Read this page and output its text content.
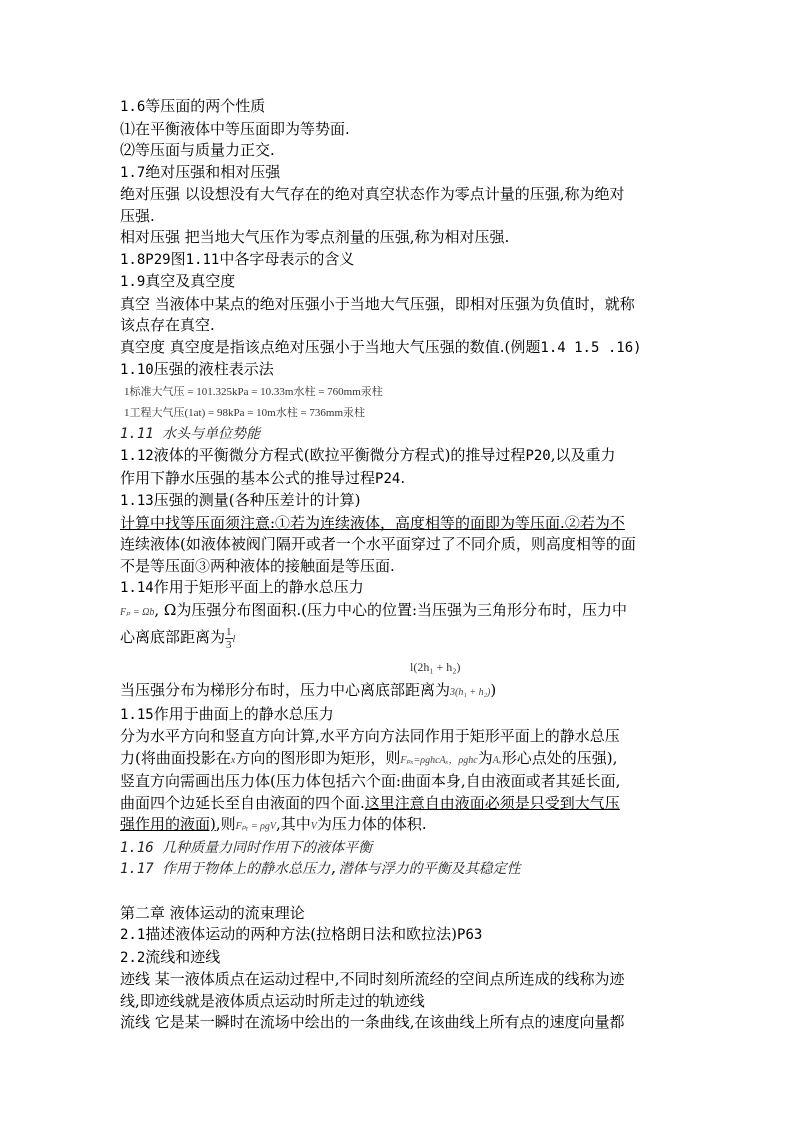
1.6等压面的两个性质
⑴在平衡液体中等压面即为等势面.
⑵等压面与质量力正交.
1.7绝对压强和相对压强
绝对压强 以设想没有大气存在的绝对真空状态作为零点计量的压强,称为绝对
压强.
相对压强 把当地大气压作为零点剂量的压强,称为相对压强.
1.8P29图1.11中各字母表示的含义
1.9真空及真空度
真空 当液体中某点的绝对压强小于当地大气压强，即相对压强为负值时，就称
该点存在真空.
真空度 真空度是指该点绝对压强小于当地大气压强的数值.(例题1.4 1.5 .16)
1.10压强的液柱表示法
1标准大气压 = 101.325kPa = 10.33m水柱 = 760mm汞柱
1工程大气压(1at) = 98kPa = 10m水柱 = 736mm汞柱
1.11 水头与单位势能
1.12液体的平衡微分方程式(欧拉平衡微分方程式)的推导过程P20,以及重力
作用下静水压强的基本公式的推导过程P24.
1.13压强的测量(各种压差计的计算)
计算中找等压面须注意:①若为连续液体，高度相等的面即为等压面.②若为不
连续液体(如液体被阀门隔开或者一个水平面穿过了不同介质，则高度相等的面
不是等压面③两种液体的接触面是等压面.
1.14作用于矩形平面上的静水总压力
Fₚ = Ωb, Ω为压强分布图面积.(压力中心的位置:当压强为三角形分布时，压力中
心离底部距离为 $\frac{1}{3}$ l
l(2h₁ + h₂)
当压强分布为梯形分布时，压力中心离底部距离为3(h₁ + h₂))
1.15作用于曲面上的静水总压力
分为水平方向和竖直方向计算,水平方向方法同作用于矩形平面上的静水总压
力(将曲面投影在x方向的图形即为矩形，则Fₚₓ=ρghcAₓ，ρghc为Aₓ形心点处的压强),
竖直方向需画出压力体(压力体包括六个面:曲面本身,自由液面或者其延长面,
曲面四个边延长至自由液面的四个面.这里注意自由液面必须是只受到大气压
强作用的液面),则Fₚᵧ = ρgV,其中V为压力体的体积.
1.16 几种质量力同时作用下的液体平衡
1.17 作用于物体上的静水总压力,潜体与浮力的平衡及其稳定性
第二章 液体运动的流束理论
2.1描述液体运动的两种方法(拉格朗日法和欧拉法)P63
2.2流线和迹线
迹线 某一液体质点在运动过程中,不同时刻所流经的空间点所连成的线称为迹
线,即迹线就是液体质点运动时所走过的轨迹线
流线 它是某一瞬时在流场中绘出的一条曲线,在该曲线上所有点的速度向量都
